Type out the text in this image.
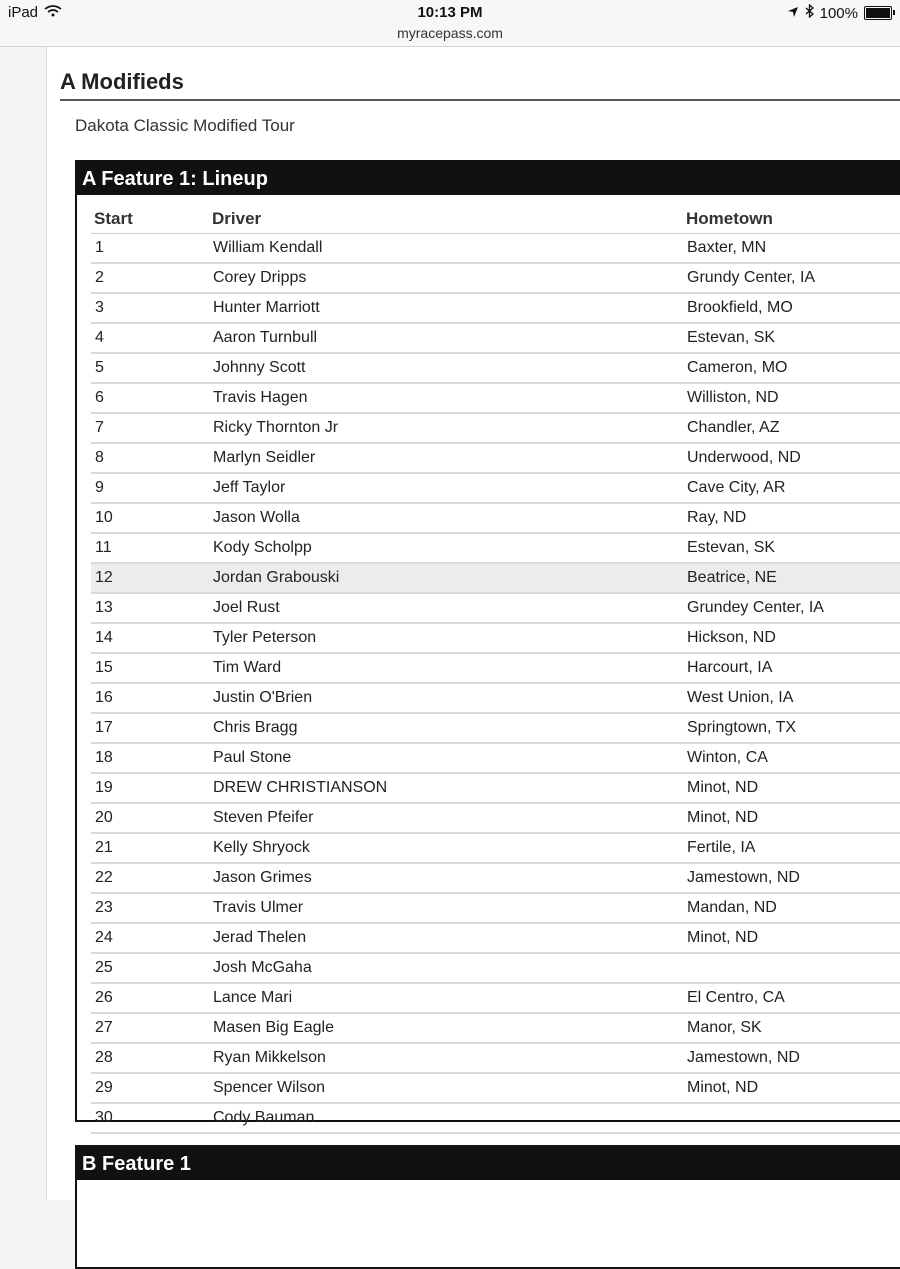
iPad	10:13 PM
myracepass.com
100%
A Modifieds
Dakota Classic Modified Tour
A Feature 1: Lineup
Start	Driver	Hometown
1	William Kendall	Baxter, MN
2	Corey Dripps	Grundy Center, IA
3	Hunter Marriott	Brookfield, MO
4	Aaron Turnbull	Estevan, SK
5	Johnny Scott	Cameron, MO
6	Travis Hagen	Williston, ND
7	Ricky Thornton Jr	Chandler, AZ
8	Marlyn Seidler	Underwood, ND
9	Jeff Taylor	Cave City, AR
10	Jason Wolla	Ray, ND
11	Kody Scholpp	Estevan, SK
12	Jordan Grabouski	Beatrice, NE
13	Joel Rust	Grundey Center, IA
14	Tyler Peterson	Hickson, ND
15	Tim Ward	Harcourt, IA
16	Justin O'Brien	West Union, IA
17	Chris Bragg	Springtown, TX
18	Paul Stone	Winton, CA
19	DREW CHRISTIANSON	Minot, ND
20	Steven Pfeifer	Minot, ND
21	Kelly Shryock	Fertile, IA
22	Jason Grimes	Jamestown, ND
23	Travis Ulmer	Mandan, ND
24	Jerad Thelen	Minot, ND
25	Josh McGaha	
26	Lance Mari	El Centro, CA
27	Masen Big Eagle	Manor, SK
28	Ryan Mikkelson	Jamestown, ND
29	Spencer Wilson	Minot, ND
30	Cody Bauman	
B Feature 1
